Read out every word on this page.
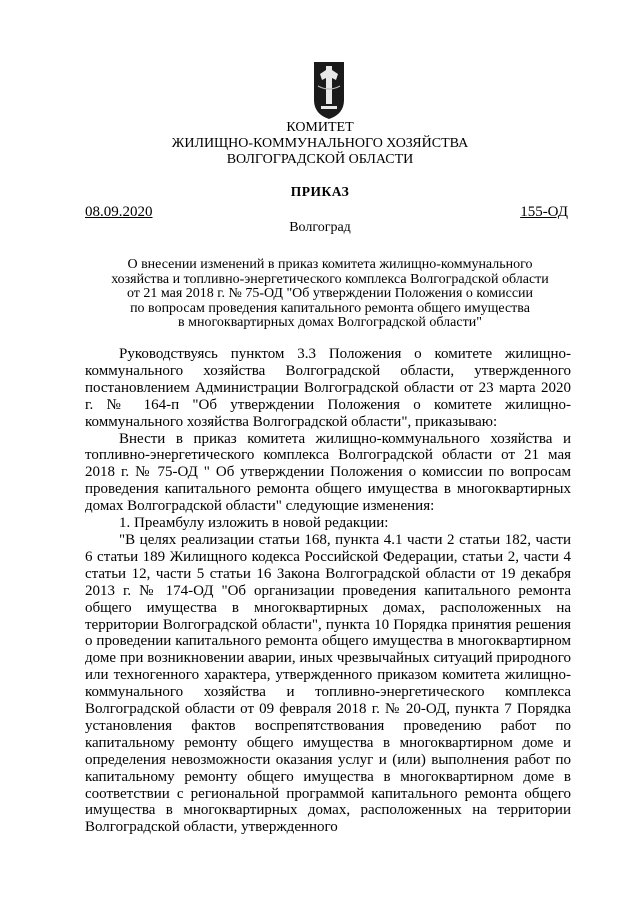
КОМИТЕТ
ЖИЛИЩНО-КОММУНАЛЬНОГО ХОЗЯЙСТВА
ВОЛГОГРАДСКОЙ ОБЛАСТИ
ПРИКАЗ
08.09.2020	155-ОД
Волгоград
О внесении изменений в приказ комитета жилищно-коммунального
хозяйства и топливно-энергетического комплекса Волгоградской области
от 21 мая 2018 г. № 75-ОД "Об утверждении Положения о комиссии
по вопросам проведения капитального ремонта общего имущества
в многоквартирных домах Волгоградской области"

Руководствуясь пунктом 3.3 Положения о комитете жилищно-коммунального хозяйства Волгоградской области, утвержденного постановлением Администрации Волгоградской области от 23 марта 2020 г. № 164-п "Об утверждении Положения о комитете жилищно-коммунального хозяйства Волгоградской области", приказываю:

Внести в приказ комитета жилищно-коммунального хозяйства и топливно-энергетического комплекса Волгоградской области от 21 мая 2018 г. № 75-ОД " Об утверждении Положения о комиссии по вопросам проведения капитального ремонта общего имущества в многоквартирных домах Волгоградской области" следующие изменения:

1. Преамбулу изложить в новой редакции:

"В целях реализации статьи 168, пункта 4.1 части 2 статьи 182, части 6 статьи 189 Жилищного кодекса Российской Федерации, статьи 2, части 4 статьи 12, части 5 статьи 16 Закона Волгоградской области от 19 декабря 2013 г. № 174-ОД "Об организации проведения капитального ремонта общего имущества в многоквартирных домах, расположенных на территории Волгоградской области", пункта 10 Порядка принятия решения о проведении капитального ремонта общего имущества в многоквартирном доме при возникновении аварии, иных чрезвычайных ситуаций природного или техногенного характера, утвержденного приказом комитета жилищно-коммунального хозяйства и топливно-энергетического комплекса Волгоградской области от 09 февраля 2018 г. № 20-ОД, пункта 7 Порядка установления фактов воспрепятствования проведению работ по капитальному ремонту общего имущества в многоквартирном доме и определения невозможности оказания услуг и (или) выполнения работ по капитальному ремонту общего имущества в многоквартирном доме в соответствии с региональной программой капитального ремонта общего имущества в многоквартирных домах, расположенных на территории Волгоградской области, утвержденного
